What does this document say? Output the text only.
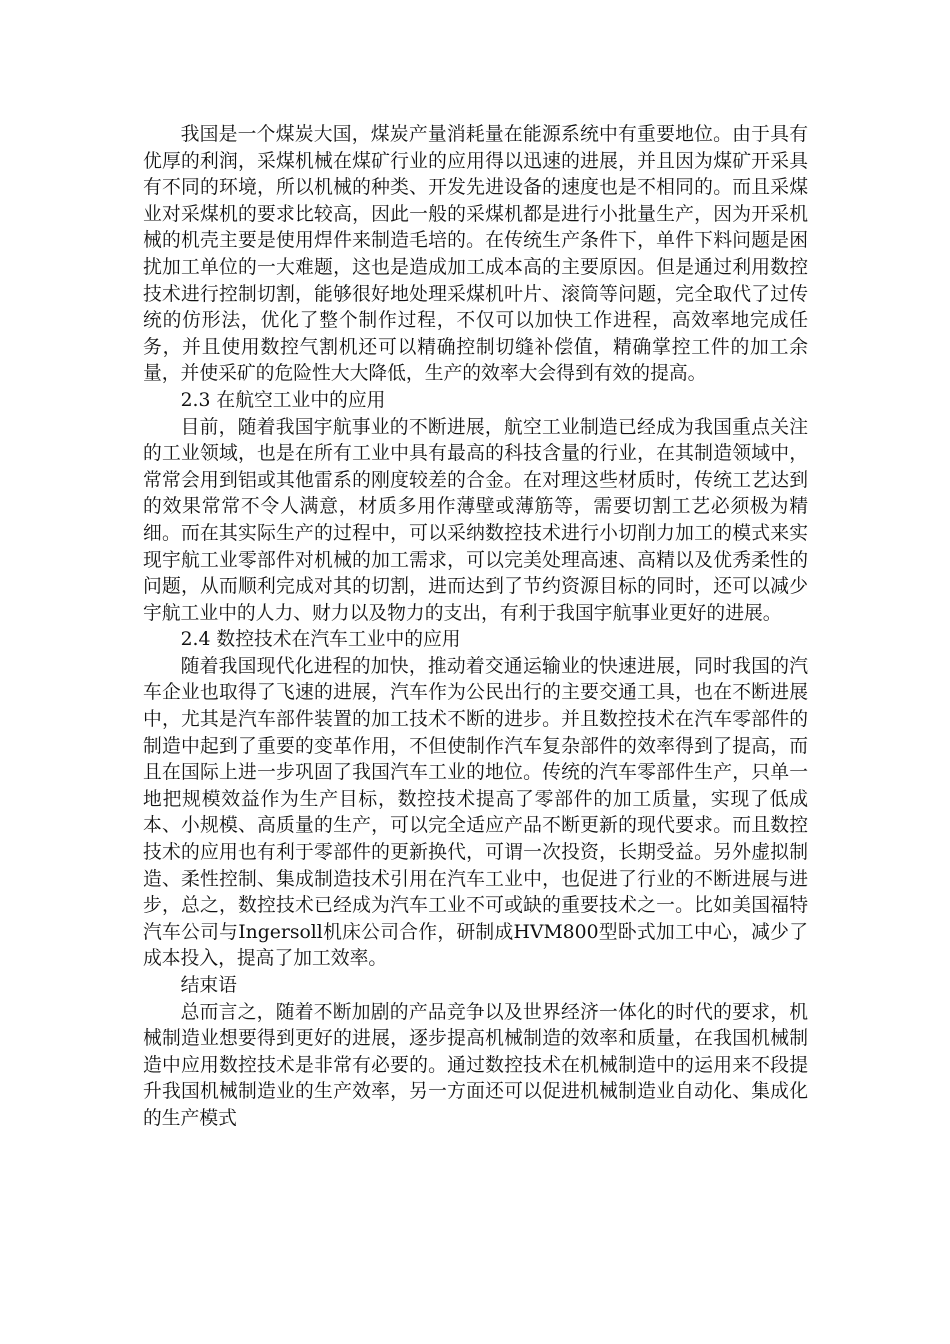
我国是一个煤炭大国，煤炭产量消耗量在能源系统中有重要地位。由于具有优厚的利润，采煤机械在煤矿行业的应用得以迅速的进展，并且因为煤矿开采具有不同的环境，所以机械的种类、开发先进设备的速度也是不相同的。而且采煤业对采煤机的要求比较高，因此一般的采煤机都是进行小批量生产，因为开采机械的机壳主要是使用焊件来制造毛培的。在传统生产条件下，单件下料问题是困扰加工单位的一大难题，这也是造成加工成本高的主要原因。但是通过利用数控技术进行控制切割，能够很好地处理采煤机叶片、滚筒等问题，完全取代了过传统的仿形法，优化了整个制作过程，不仅可以加快工作进程，高效率地完成任务，并且使用数控气割机还可以精确控制切缝补偿值，精确掌控工件的加工余量，并使采矿的危险性大大降低，生产的效率大会得到有效的提高。

2.3 在航空工业中的应用

目前，随着我国宇航事业的不断进展，航空工业制造已经成为我国重点关注的工业领域，也是在所有工业中具有最高的科技含量的行业，在其制造领域中，常常会用到铝或其他雷系的刚度较差的合金。在对理这些材质时，传统工艺达到的效果常常不令人满意，材质多用作薄壁或薄筋等，需要切割工艺必须极为精细。而在其实际生产的过程中，可以采纳数控技术进行小切削力加工的模式来实现宇航工业零部件对机械的加工需求，可以完美处理高速、高精以及优秀柔性的问题，从而顺利完成对其的切割，进而达到了节约资源目标的同时，还可以减少宇航工业中的人力、财力以及物力的支出，有利于我国宇航事业更好的进展。

2.4 数控技术在汽车工业中的应用

随着我国现代化进程的加快，推动着交通运输业的快速进展，同时我国的汽车企业也取得了飞速的进展，汽车作为公民出行的主要交通工具，也在不断进展中，尤其是汽车部件装置的加工技术不断的进步。并且数控技术在汽车零部件的制造中起到了重要的变革作用，不但使制作汽车复杂部件的效率得到了提高，而且在国际上进一步巩固了我国汽车工业的地位。传统的汽车零部件生产，只单一地把规模效益作为生产目标，数控技术提高了零部件的加工质量，实现了低成本、小规模、高质量的生产，可以完全适应产品不断更新的现代要求。而且数控技术的应用也有利于零部件的更新换代，可谓一次投资，长期受益。另外虚拟制造、柔性控制、集成制造技术引用在汽车工业中，也促进了行业的不断进展与进步，总之，数控技术已经成为汽车工业不可或缺的重要技术之一。比如美国福特汽车公司与Ingersoll机床公司合作，研制成HVM800型卧式加工中心，减少了成本投入，提高了加工效率。

结束语

总而言之，随着不断加剧的产品竞争以及世界经济一体化的时代的要求，机械制造业想要得到更好的进展，逐步提高机械制造的效率和质量，在我国机械制造中应用数控技术是非常有必要的。通过数控技术在机械制造中的运用来不段提升我国机械制造业的生产效率，另一方面还可以促进机械制造业自动化、集成化的生产模式
